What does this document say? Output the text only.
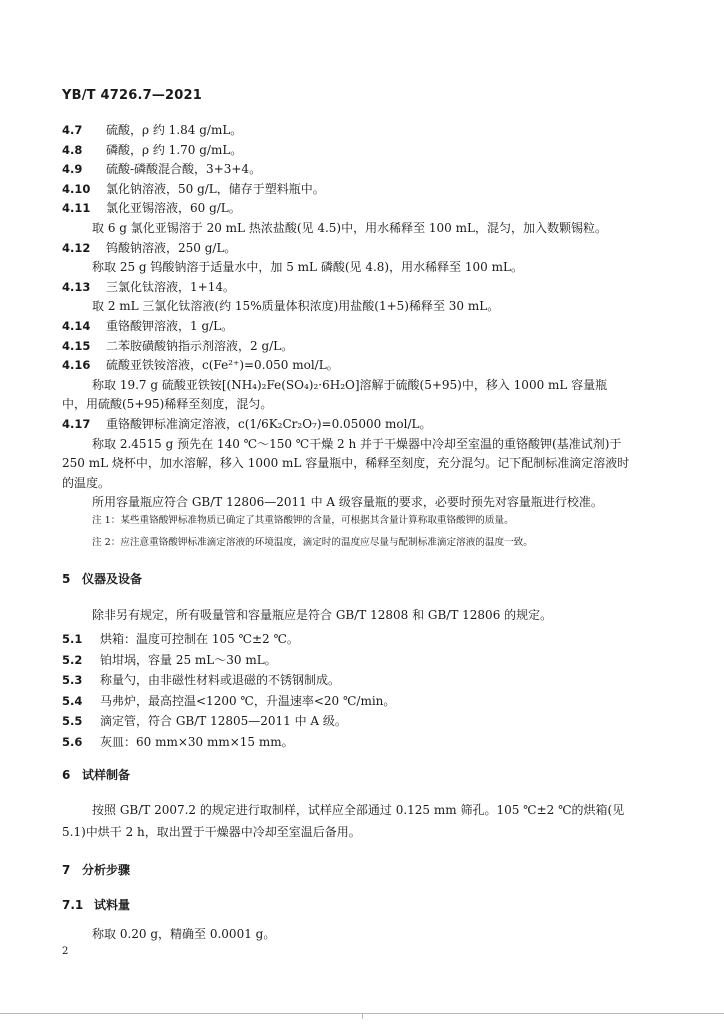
YB/T 4726.7—2021
4.7 硫酸，ρ 约 1.84 g/mL。
4.8 磷酸，ρ 约 1.70 g/mL。
4.9 硫酸-磷酸混合酸，3+3+4。
4.10 氯化钠溶液，50 g/L，储存于塑料瓶中。
4.11 氯化亚锡溶液，60 g/L。
取 6 g 氯化亚锡溶于 20 mL 热浓盐酸(见 4.5)中，用水稀释至 100 mL，混匀，加入数颗锡粒。
4.12 钨酸钠溶液，250 g/L。
称取 25 g 钨酸钠溶于适量水中，加 5 mL 磷酸(见 4.8)，用水稀释至 100 mL。
4.13 三氯化钛溶液，1+14。
取 2 mL 三氯化钛溶液(约 15%质量体积浓度)用盐酸(1+5)稀释至 30 mL。
4.14 重铬酸钾溶液，1 g/L。
4.15 二苯胺磺酸钠指示剂溶液，2 g/L。
4.16 硫酸亚铁铵溶液，c(Fe²⁺)=0.050 mol/L。
称取 19.7 g 硫酸亚铁铵[(NH₄)₂Fe(SO₄)₂·6H₂O]溶解于硫酸(5+95)中，移入 1000 mL 容量瓶
中，用硫酸(5+95)稀释至刻度，混匀。
4.17 重铬酸钾标准滴定溶液，c(1/6K₂Cr₂O₇)=0.05000 mol/L。
称取 2.4515 g 预先在 140 ℃～150 ℃干燥 2 h 并于干燥器中冷却至室温的重铬酸钾(基准试剂)于
250 mL 烧杯中，加水溶解，移入 1000 mL 容量瓶中，稀释至刻度，充分混匀。记下配制标准滴定溶液时
的温度。
所用容量瓶应符合 GB/T 12806—2011 中 A 级容量瓶的要求，必要时预先对容量瓶进行校准。
注 1：某些重铬酸钾标准物质已确定了其重铬酸钾的含量，可根据其含量计算称取重铬酸钾的质量。
注 2：应注意重铬酸钾标准滴定溶液的环境温度，滴定时的温度应尽量与配制标准滴定溶液的温度一致。
5 仪器及设备
除非另有规定，所有吸量管和容量瓶应是符合 GB/T 12808 和 GB/T 12806 的规定。
5.1 烘箱：温度可控制在 105 ℃±2 ℃。
5.2 铂坩埚，容量 25 mL～30 mL。
5.3 称量勺，由非磁性材料或退磁的不锈钢制成。
5.4 马弗炉，最高控温<1200 ℃，升温速率<20 ℃/min。
5.5 滴定管，符合 GB/T 12805—2011 中 A 级。
5.6 灰皿：60 mm×30 mm×15 mm。
6 试样制备
按照 GB/T 2007.2 的规定进行取制样，试样应全部通过 0.125 mm 筛孔。105 ℃±2 ℃的烘箱(见
5.1)中烘干 2 h，取出置于干燥器中冷却至室温后备用。
7 分析步骤
7.1 试料量
称取 0.20 g，精确至 0.0001 g。
2
